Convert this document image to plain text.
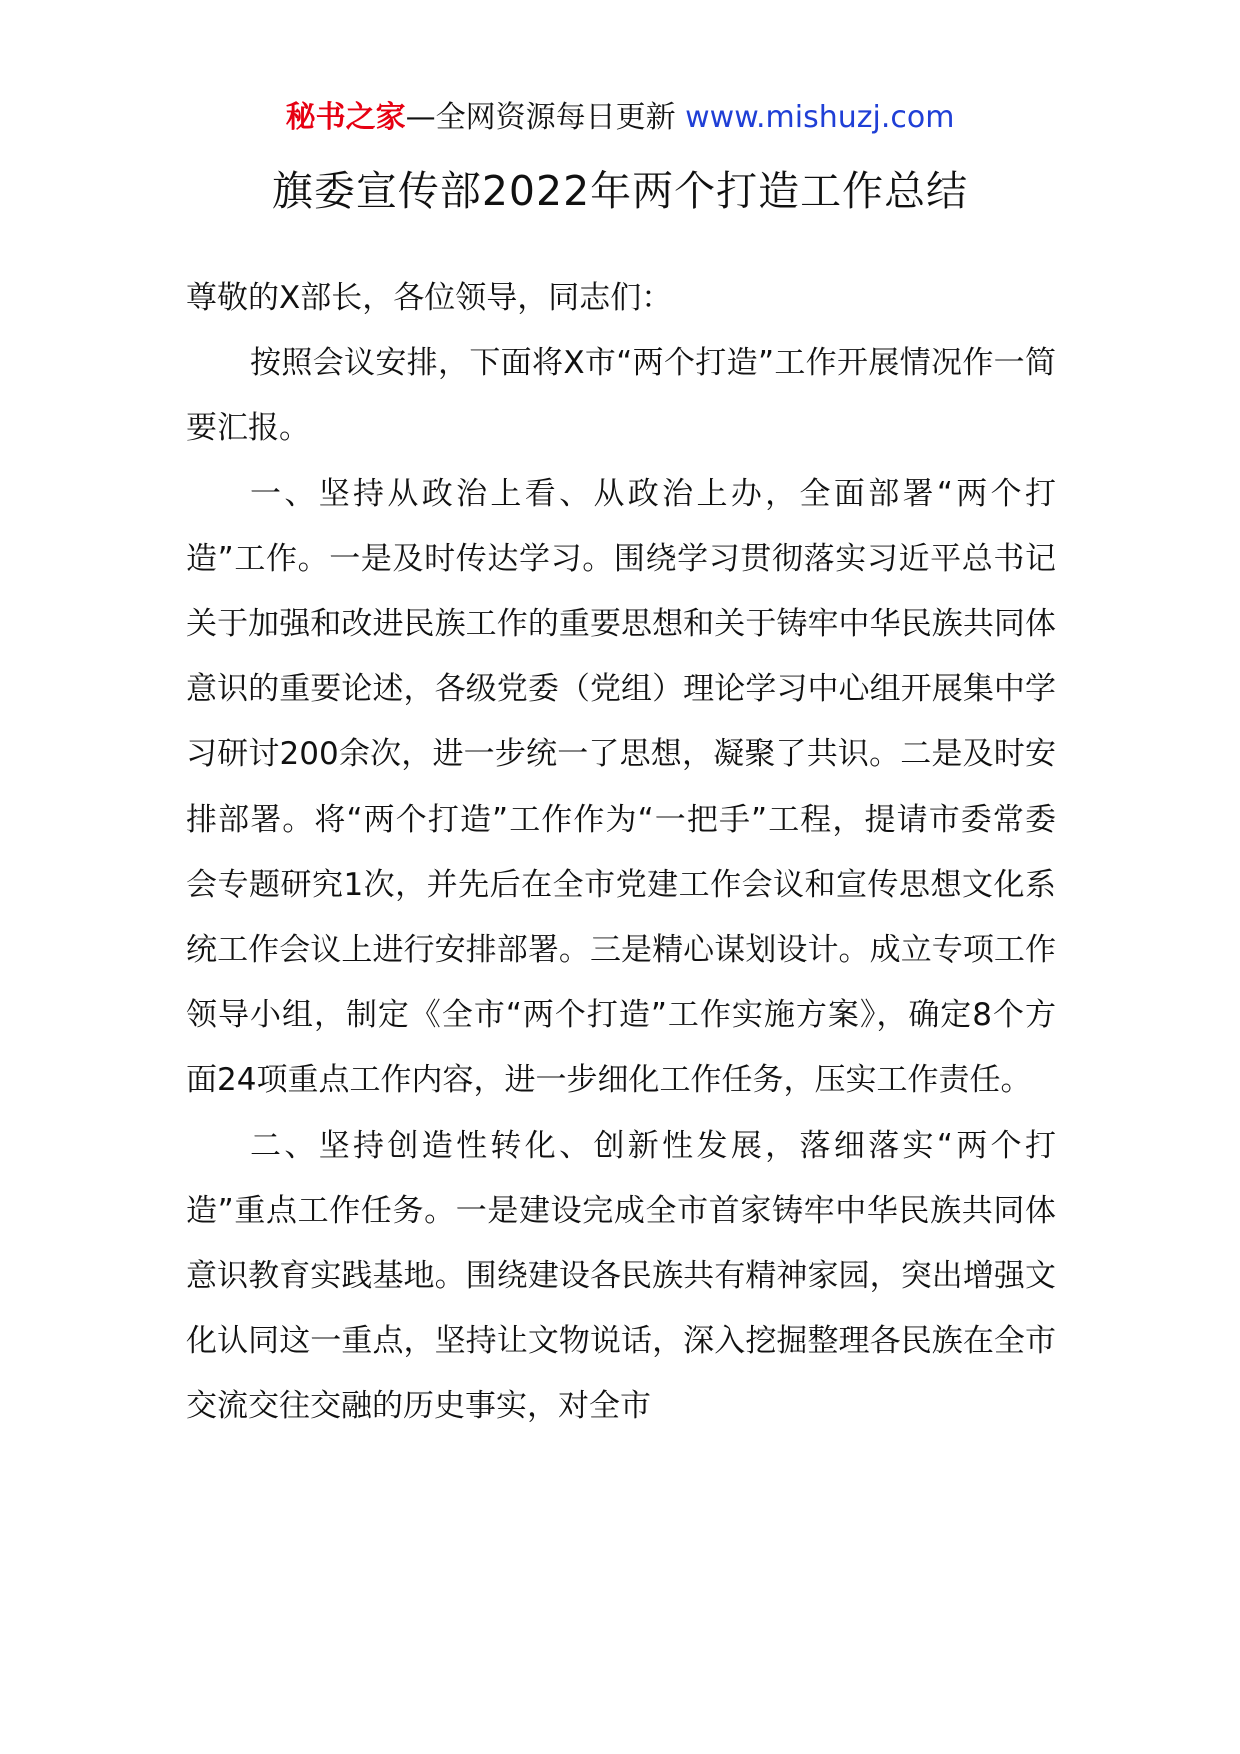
秘书之家—全网资源每日更新 www.mishuzj.com
旗委宣传部2022年两个打造工作总结

尊敬的X部长，各位领导，同志们：

按照会议安排，下面将X市“两个打造”工作开展情况作一简要汇报。

一、坚持从政治上看、从政治上办，全面部署“两个打造”工作。一是及时传达学习。围绕学习贯彻落实习近平总书记关于加强和改进民族工作的重要思想和关于铸牢中华民族共同体意识的重要论述，各级党委（党组）理论学习中心组开展集中学习研讨200余次，进一步统一了思想，凝聚了共识。二是及时安排部署。将“两个打造”工作作为“一把手”工程，提请市委常委会专题研究1次，并先后在全市党建工作会议和宣传思想文化系统工作会议上进行安排部署。三是精心谋划设计。成立专项工作领导小组，制定《全市“两个打造”工作实施方案》，确定8个方面24项重点工作内容，进一步细化工作任务，压实工作责任。

二、坚持创造性转化、创新性发展，落细落实“两个打造”重点工作任务。一是建设完成全市首家铸牢中华民族共同体意识教育实践基地。围绕建设各民族共有精神家园，突出增强文化认同这一重点，坚持让文物说话，深入挖掘整理各民族在全市交流交往交融的历史事实，对全市
